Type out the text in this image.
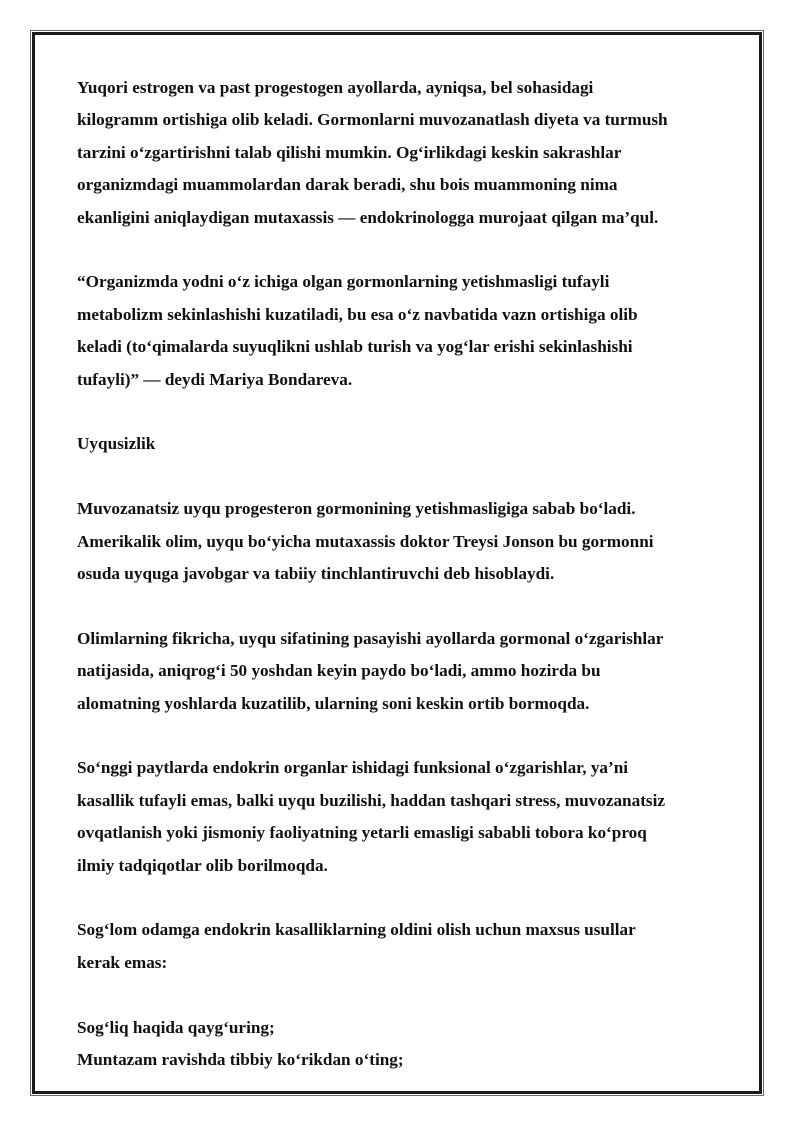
Yuqori estrogen va past progestogen ayollarda, ayniqsa, bel sohasidagi
kilogramm ortishiga olib keladi. Gormonlarni muvozanatlash diyeta va turmush
tarzini o‘zgartirishni talab qilishi mumkin. Og‘irlikdagi keskin sakrashlar
organizmdagi muammolardan darak beradi, shu bois muammoning nima
ekanligini aniqlaydigan mutaxassis — endokrinologga murojaat qilgan ma’qul.

“Organizmda yodni o‘z ichiga olgan gormonlarning yetishmasligi tufayli
metabolizm sekinlashishi kuzatiladi, bu esa o‘z navbatida vazn ortishiga olib
keladi (to‘qimalarda suyuqlikni ushlab turish va yog‘lar erishi sekinlashishi
tufayli)” — deydi Mariya Bondareva.

Uyqusizlik

Muvozanatsiz uyqu progesteron gormonining yetishmasligiga sabab bo‘ladi.
Amerikalik olim, uyqu bo‘yicha mutaxassis doktor Treysi Jonson bu gormonni
osuda uyquga javobgar va tabiiy tinchlantiruvchi deb hisoblaydi.

Olimlarning fikricha, uyqu sifatining pasayishi ayollarda gormonal o‘zgarishlar
natijasida, aniqrog‘i 50 yoshdan keyin paydo bo‘ladi, ammo hozirda bu
alomatning yoshlarda kuzatilib, ularning soni keskin ortib bormoqda.

So‘nggi paytlarda endokrin organlar ishidagi funksional o‘zgarishlar, ya’ni
kasallik tufayli emas, balki uyqu buzilishi, haddan tashqari stress, muvozanatsiz
ovqatlanish yoki jismoniy faoliyatning yetarli emasligi sababli tobora ko‘proq
ilmiy tadqiqotlar olib borilmoqda.

Sog‘lom odamga endokrin kasalliklarning oldini olish uchun maxsus usullar
kerak emas:

Sog‘liq haqida qayg‘uring;

Muntazam ravishda tibbiy ko‘rikdan o‘ting;
